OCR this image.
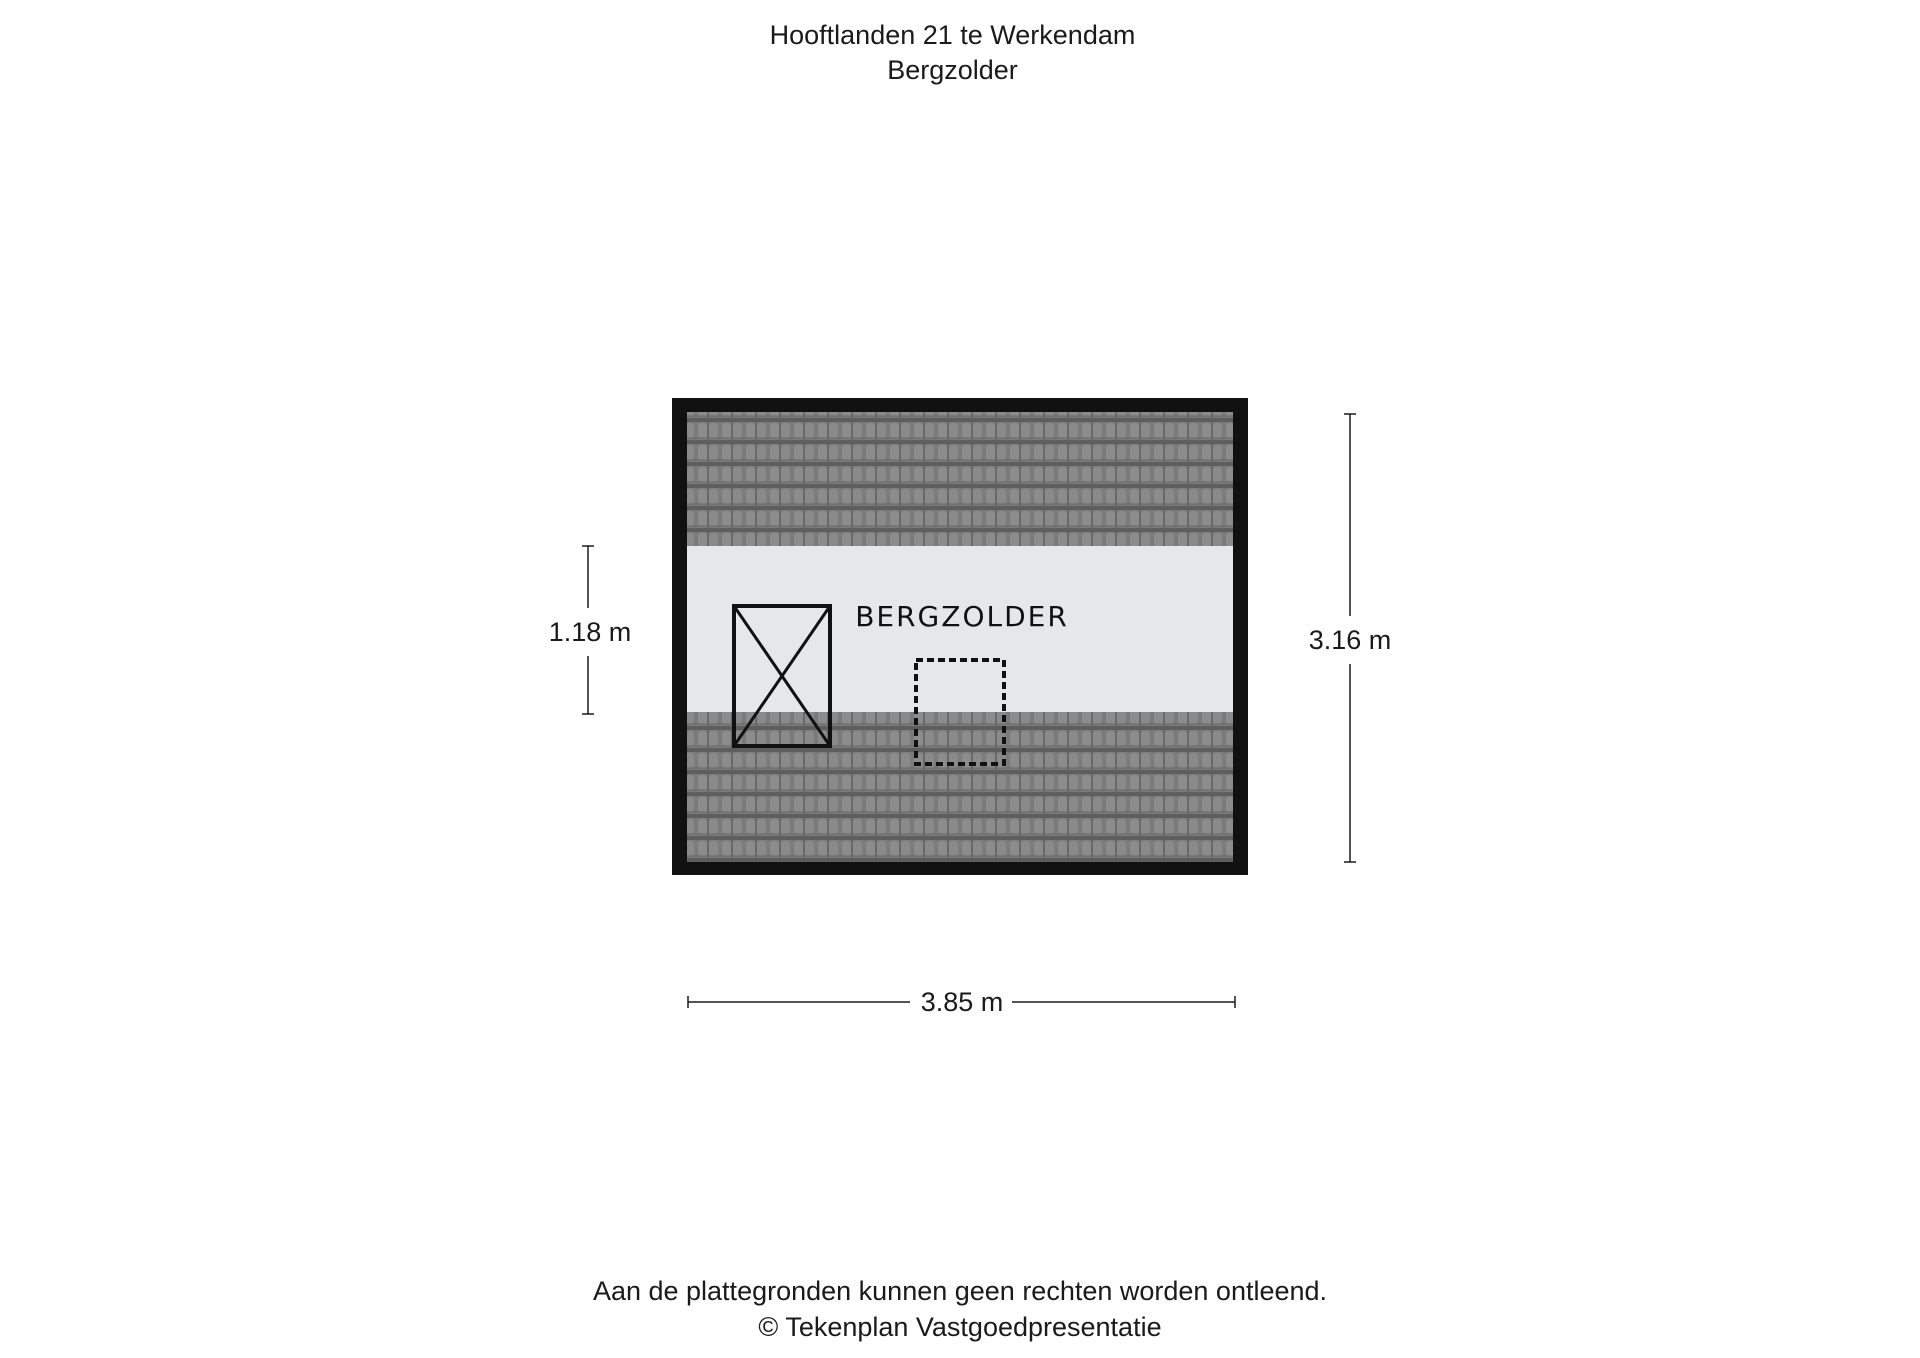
Hooftlanden 21 te Werkendam
Bergzolder
BERGZOLDER
1.18 m	3.16 m
3.85 m
Aan de plattegronden kunnen geen rechten worden ontleend.
© Tekenplan Vastgoedpresentatie
